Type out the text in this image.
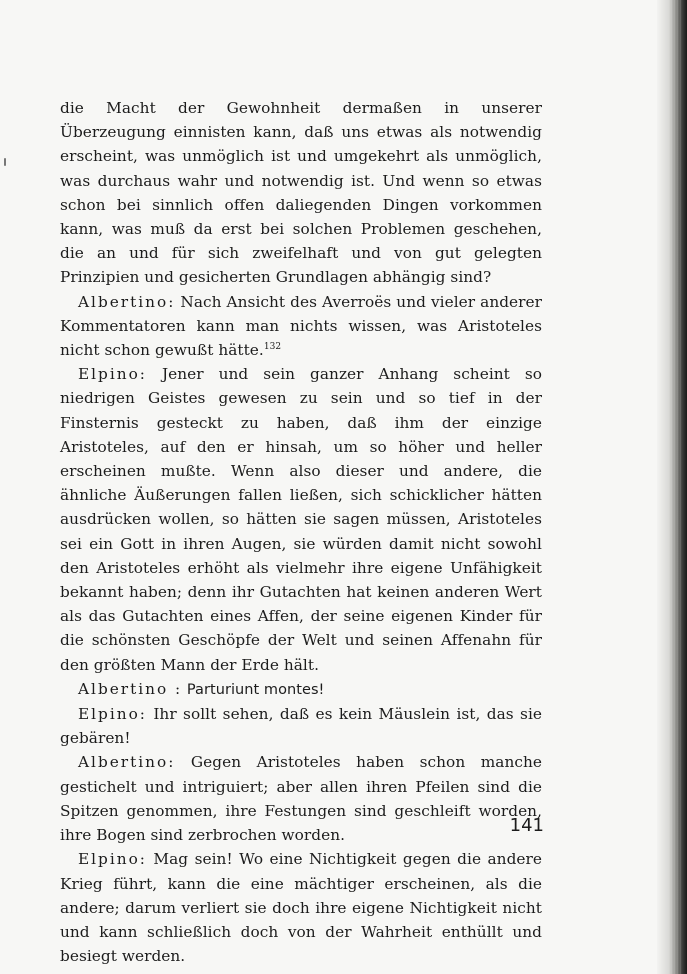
die Macht der Gewohnheit dermaßen in unserer Überzeugung einnisten kann, daß uns etwas als notwendig erscheint, was unmöglich ist und umgekehrt als unmöglich, was durchaus wahr und notwendig ist. Und wenn so etwas schon bei sinnlich offen daliegenden Dingen vorkommen kann, was muß da erst bei solchen Problemen geschehen, die an und für sich zweifelhaft und von gut gelegten Prinzipien und gesicherten Grundlagen abhängig sind?

Albertino: Nach Ansicht des Averroës und vieler anderer Kommentatoren kann man nichts wissen, was Aristoteles nicht schon gewußt hätte.$^{132}$

Elpino: Jener und sein ganzer Anhang scheint so niedrigen Geistes gewesen zu sein und so tief in der Finsternis gesteckt zu haben, daß ihm der einzige Aristoteles, auf den er hinsah, um so höher und heller erscheinen mußte. Wenn also dieser und andere, die ähnliche Äußerungen fallen ließen, sich schicklicher hätten ausdrücken wollen, so hätten sie sagen müssen, Aristoteles sei ein Gott in ihren Augen, sie würden damit nicht sowohl den Aristoteles erhöht als vielmehr ihre eigene Unfähigkeit bekannt haben; denn ihr Gutachten hat keinen anderen Wert als das Gutachten eines Affen, der seine eigenen Kinder für die schönsten Geschöpfe der Welt und seinen Affenahn für den größten Mann der Erde hält.

Albertino : Parturiunt montes!

Elpino: Ihr sollt sehen, daß es kein Mäuslein ist, das sie gebären!

Albertino: Gegen Aristoteles haben schon manche gestichelt und intriguiert; aber allen ihren Pfeilen sind die Spitzen genommen, ihre Festungen sind geschleift worden, ihre Bogen sind zerbrochen worden.

Elpino: Mag sein! Wo eine Nichtigkeit gegen die andere Krieg führt, kann die eine mächtiger erscheinen, als die andere; darum verliert sie doch ihre eigene Nichtigkeit nicht und kann schließlich doch von der Wahrheit enthüllt und besiegt werden.

141
